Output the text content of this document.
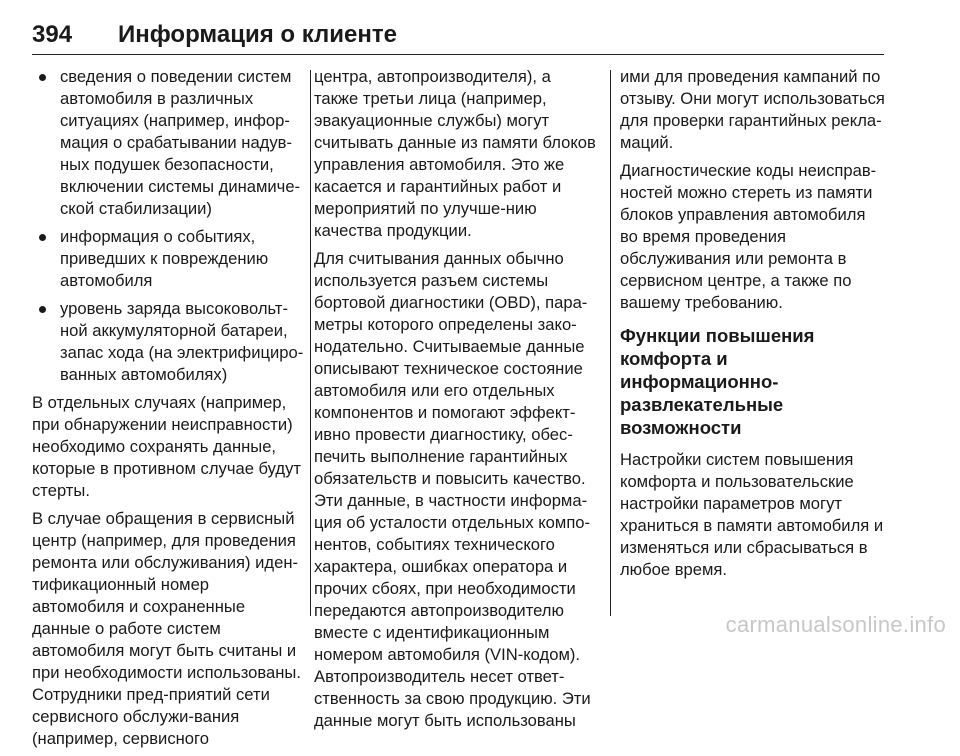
394 Информация о клиенте
сведения о поведении систем автомобиля в различных ситуациях (например, инфор-мация о срабатывании надув-ных подушек безопасности, включении системы динамиче-ской стабилизации)
информация о событиях, приведших к повреждению автомобиля
уровень заряда высоковольт-ной аккумуляторной батареи, запас хода (на электрифициро-ванных автомобилях)

В отдельных случаях (например, при обнаружении неисправности) необходимо сохранять данные, которые в противном случае будут стерты.

В случае обращения в сервисный центр (например, для проведения ремонта или обслуживания) иден-тификационный номер автомобиля и сохраненные данные о работе систем автомобиля могут быть считаны и при необходимости использованы. Сотрудники пред-приятий сети сервисного обслужи-вания (например, сервисного

центра, автопроизводителя), а также третьи лица (например, эвакуационные службы) могут считывать данные из памяти блоков управления автомобиля. Это же касается и гарантийных работ и мероприятий по улучше-нию качества продукции.

Для считывания данных обычно используется разъем системы бортовой диагностики (OBD), пара-метры которого определены зако-нодательно. Считываемые данные описывают техническое состояние автомобиля или его отдельных компонентов и помогают эффект-ивно провести диагностику, обес-печить выполнение гарантийных обязательств и повысить качество. Эти данные, в частности информа-ция об усталости отдельных компо-нентов, событиях технического характера, ошибках оператора и прочих сбоях, при необходимости передаются автопроизводителю вместе с идентификационным номером автомобиля (VIN-кодом). Автопроизводитель несет ответ-ственность за свою продукцию. Эти данные могут быть использованы

ими для проведения кампаний по отзыву. Они могут использоваться для проверки гарантийных рекла-маций.

Диагностические коды неисправ-ностей можно стереть из памяти блоков управления автомобиля во время проведения обслуживания или ремонта в сервисном центре, а также по вашему требованию.

Функции повышения комфорта и информационно-развлекательные возможности

Настройки систем повышения комфорта и пользовательские настройки параметров могут храниться в памяти автомобиля и изменяться или сбрасываться в любое время.

carmanualsonline.info
